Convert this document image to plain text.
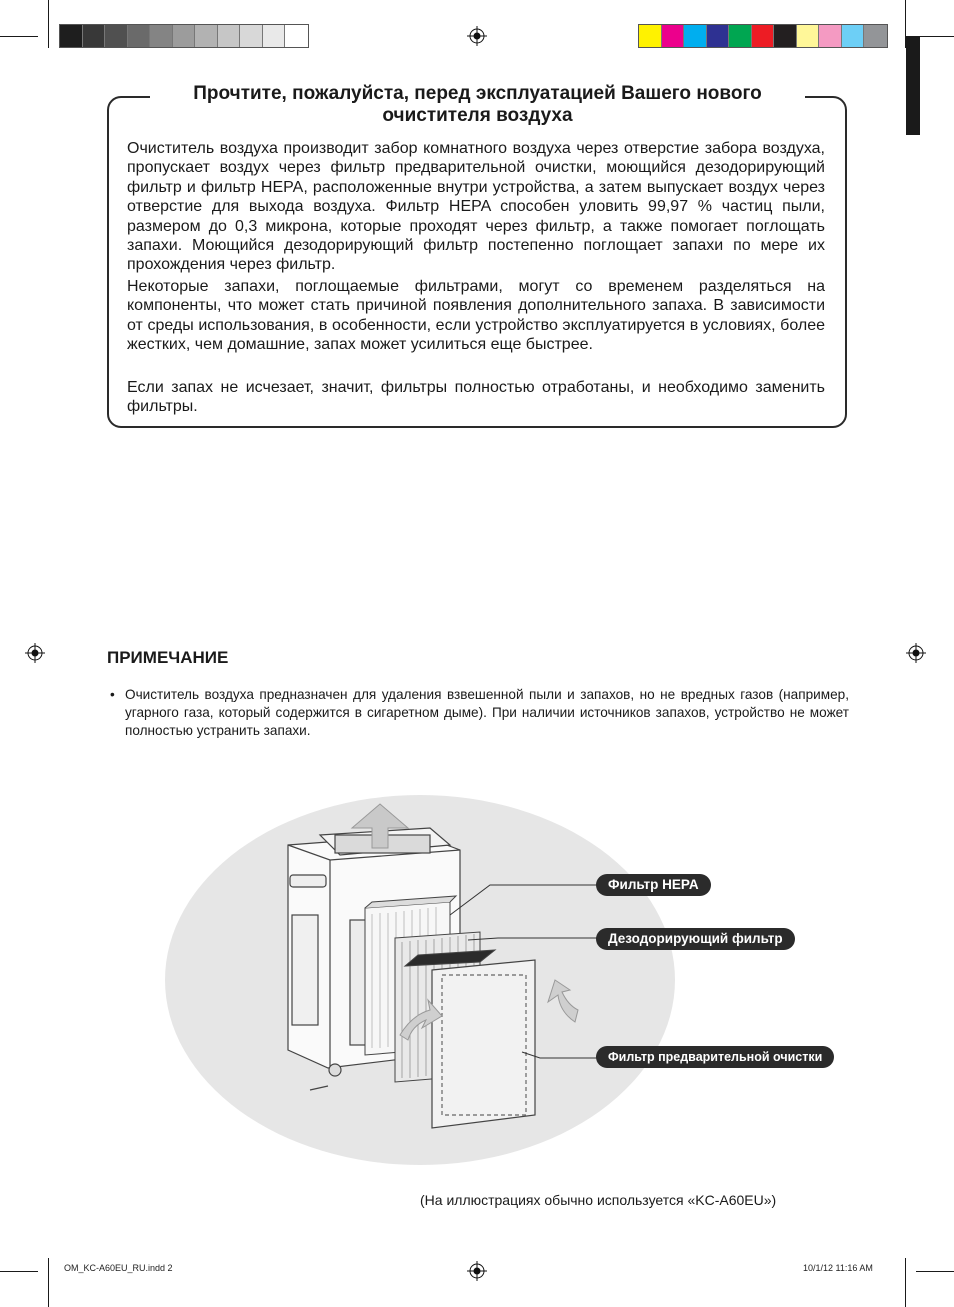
Прочтите, пожалуйста, перед эксплуатацией Вашего нового очистителя воздуха

Очиститель воздуха производит забор комнатного воздуха через отверстие забора воздуха, пропускает воздух через фильтр предварительной очистки, моющийся дезодорирующий фильтр и фильтр HEPA, расположенные внутри устройства, а затем выпускает воздух через отверстие для выхода воздуха. Фильтр HEPA способен уловить 99,97 % частиц пыли, размером до 0,3 микрона, которые проходят через фильтр, а также помогает поглощать запахи. Моющийся дезодорирующий фильтр постепенно поглощает запахи по мере их прохождения через фильтр.

Некоторые запахи, поглощаемые фильтрами, могут со временем разделяться на компоненты, что может стать причиной появления дополнительного запаха. В зависимости от среды использования, в особенности, если устройство эксплуатируется в условиях, более жестких, чем домашние, запах может усилиться еще быстрее.

Если запах не исчезает, значит, фильтры полностью отработаны, и необходимо заменить фильтры.

ПРИМЕЧАНИЕ
• Очиститель воздуха предназначен для удаления взвешенной пыли и запахов, но не вредных газов (например, угарного газа, который содержится в сигаретном дыме). При наличии источников запахов, устройство не может полностью устранить запахи.

Фильтр HEPA
Дезодорирующий фильтр
Фильтр предварительной очистки
(На иллюстрациях обычно используется «KC-A60EU»)
OM_KC-A60EU_RU.indd 2	10/1/12 11:16 AM
